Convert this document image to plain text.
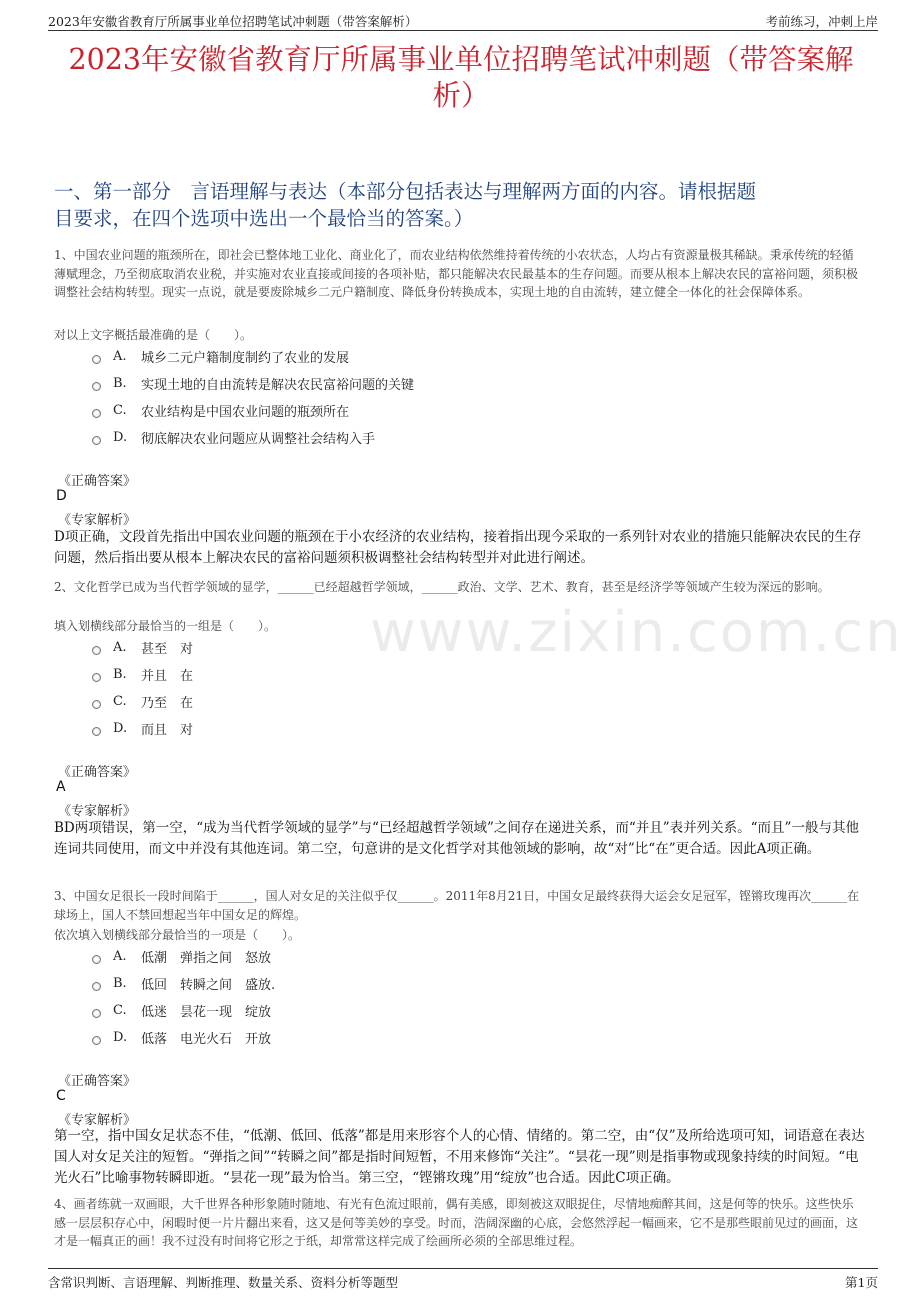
2023年安徽省教育厅所属事业单位招聘笔试冲刺题（带答案解析）	考前练习，冲刺上岸
2023年安徽省教育厅所属事业单位招聘笔试冲刺题（带答案解
析）
一、第一部分　言语理解与表达（本部分包括表达与理解两方面的内容。请根据题
目要求，在四个选项中选出一个最恰当的答案。）
www.zixin.com.cn
1、中国农业问题的瓶颈所在，即社会已整体地工业化、商业化了，而农业结构依然维持着传统的小农状态，人均占有资源量极其稀缺。秉承传统的轻循薄赋理念，乃至彻底取消农业税，并实施对农业直接或间接的各项补贴，都只能解决农民最基本的生存问题。而要从根本上解决农民的富裕问题，须积极调整社会结构转型。现实一点说，就是要废除城乡二元户籍制度、降低身份转换成本，实现土地的自由流转，建立健全一体化的社会保障体系。
对以上文字概括最准确的是（　　）。
A.	城乡二元户籍制度制约了农业的发展
B.	实现土地的自由流转是解决农民富裕问题的关键
C.	农业结构是中国农业问题的瓶颈所在
D.	彻底解决农业问题应从调整社会结构入手
《正确答案》
D
《专家解析》
D项正确，文段首先指出中国农业问题的瓶颈在于小农经济的农业结构，接着指出现今采取的一系列针对农业的措施只能解决农民的生存问题，然后指出要从根本上解决农民的富裕问题须积极调整社会结构转型并对此进行阐述。
2、文化哲学已成为当代哲学领域的显学，______已经超越哲学领域，______政治、文学、艺术、教育，甚至是经济学等领域产生较为深远的影响。
填入划横线部分最恰当的一组是（　　）。
A.	甚至　对
B.	并且　在
C.	乃至　在
D.	而且　对
《正确答案》
A
《专家解析》
BD两项错误，第一空，“成为当代哲学领域的显学”与“已经超越哲学领域”之间存在递进关系，而“并且”表并列关系。“而且”一般与其他连词共同使用，而文中并没有其他连词。第二空，句意讲的是文化哲学对其他领域的影响，故“对”比“在”更合适。因此A项正确。
3、中国女足很长一段时间陷于______，国人对女足的关注似乎仅______。2011年8月21日，中国女足最终获得大运会女足冠军，铿锵玫瑰再次______在球场上，国人不禁回想起当年中国女足的辉煌。
依次填入划横线部分最恰当的一项是（　　）。
A.	低潮　弹指之间　怒放
B.	低回　转瞬之间　盛放.
C.	低迷　昙花一现　绽放
D.	低落　电光火石　开放
《正确答案》
C
《专家解析》
第一空，指中国女足状态不佳，“低潮、低回、低落”都是用来形容个人的心情、情绪的。第二空，由“仅”及所给选项可知，词语意在表达国人对女足关注的短暂。“弹指之间”“转瞬之间”都是指时间短暂，不用来修饰“关注”。“昙花一现”则是指事物或现象持续的时间短。“电光火石”比喻事物转瞬即逝。“昙花一现”最为恰当。第三空，“铿锵玫瑰”用“绽放”也合适。因此C项正确。
4、画者练就一双画眼，大千世界各种形象随时随地、有光有色流过眼前，偶有美感，即刻被这双眼捉住，尽情地痴醉其间，这是何等的快乐。这些快乐感一层层积存心中，闲暇时便一片片翻出来看，这又是何等美妙的享受。时而，浩阔深幽的心底，会悠然浮起一幅画来，它不是那些眼前见过的画面，这才是一幅真正的画！我不过没有时间将它形之于纸，却常常这样完成了绘画所必须的全部思维过程。
含常识判断、言语理解、判断推理、数量关系、资料分析等题型	第1页
